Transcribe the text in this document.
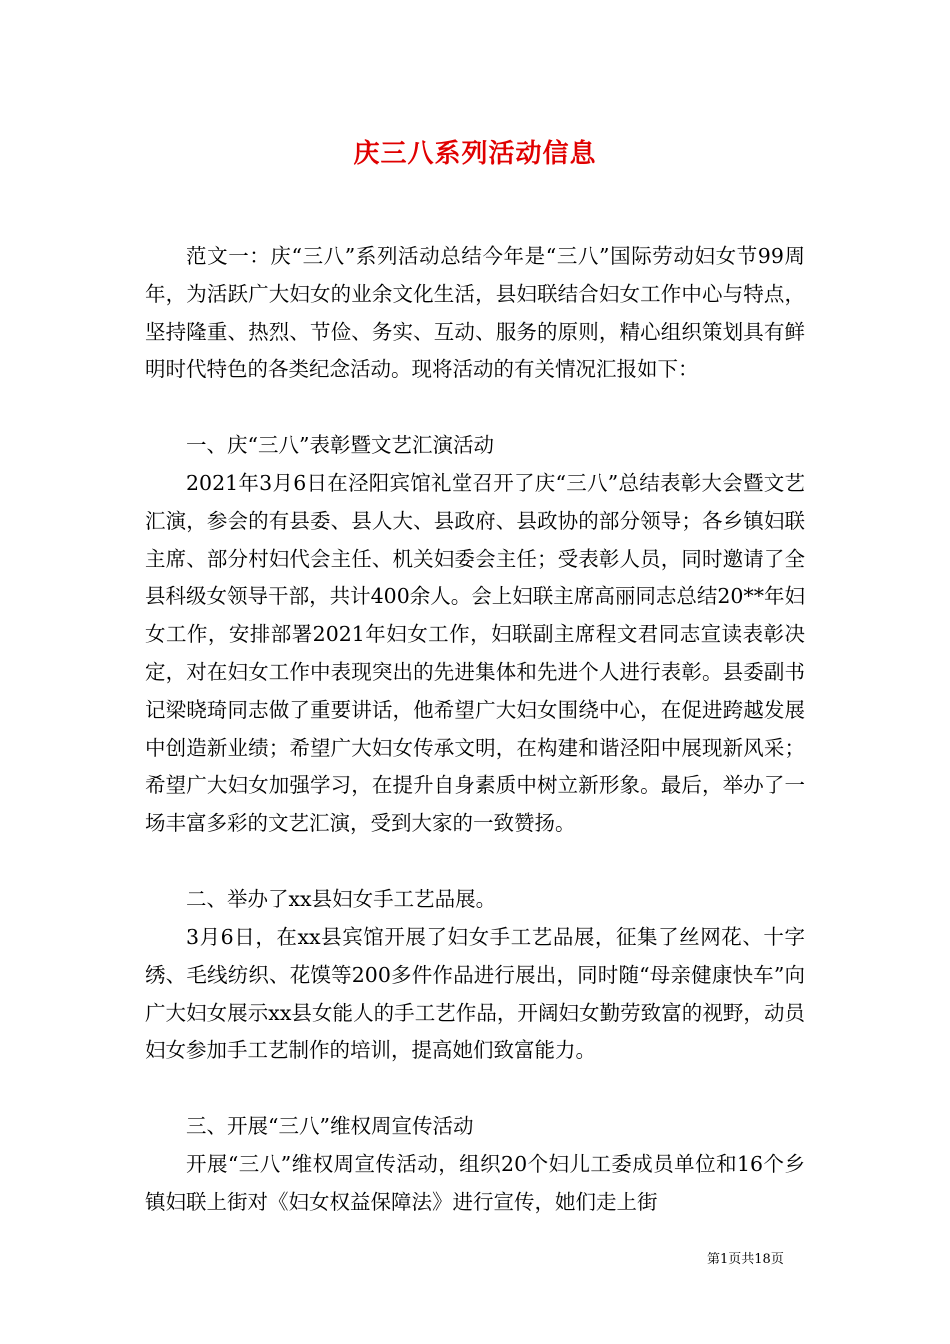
庆三八系列活动信息

范文一：庆“三八”系列活动总结今年是“三八”国际劳动妇女节99周年，为活跃广大妇女的业余文化生活，县妇联结合妇女工作中心与特点，坚持隆重、热烈、节俭、务实、互动、服务的原则，精心组织策划具有鲜明时代特色的各类纪念活动。现将活动的有关情况汇报如下：

一、庆“三八”表彰暨文艺汇演活动

2021年3月6日在泾阳宾馆礼堂召开了庆“三八”总结表彰大会暨文艺汇演，参会的有县委、县人大、县政府、县政协的部分领导；各乡镇妇联主席、部分村妇代会主任、机关妇委会主任；受表彰人员，同时邀请了全县科级女领导干部，共计400余人。会上妇联主席高丽同志总结20**年妇女工作，安排部署2021年妇女工作，妇联副主席程文君同志宣读表彰决定，对在妇女工作中表现突出的先进集体和先进个人进行表彰。县委副书记梁晓琦同志做了重要讲话，他希望广大妇女围绕中心，在促进跨越发展中创造新业绩；希望广大妇女传承文明，在构建和谐泾阳中展现新风采；希望广大妇女加强学习，在提升自身素质中树立新形象。最后，举办了一场丰富多彩的文艺汇演，受到大家的一致赞扬。

二、举办了xx县妇女手工艺品展。

3月6日，在xx县宾馆开展了妇女手工艺品展，征集了丝网花、十字绣、毛线纺织、花馍等200多件作品进行展出，同时随“母亲健康快车”向广大妇女展示xx县女能人的手工艺作品，开阔妇女勤劳致富的视野，动员妇女参加手工艺制作的培训，提高她们致富能力。

三、开展“三八”维权周宣传活动

开展“三八”维权周宣传活动，组织20个妇儿工委成员单位和16个乡镇妇联上街对《妇女权益保障法》进行宣传，她们走上街

第1页共18页
